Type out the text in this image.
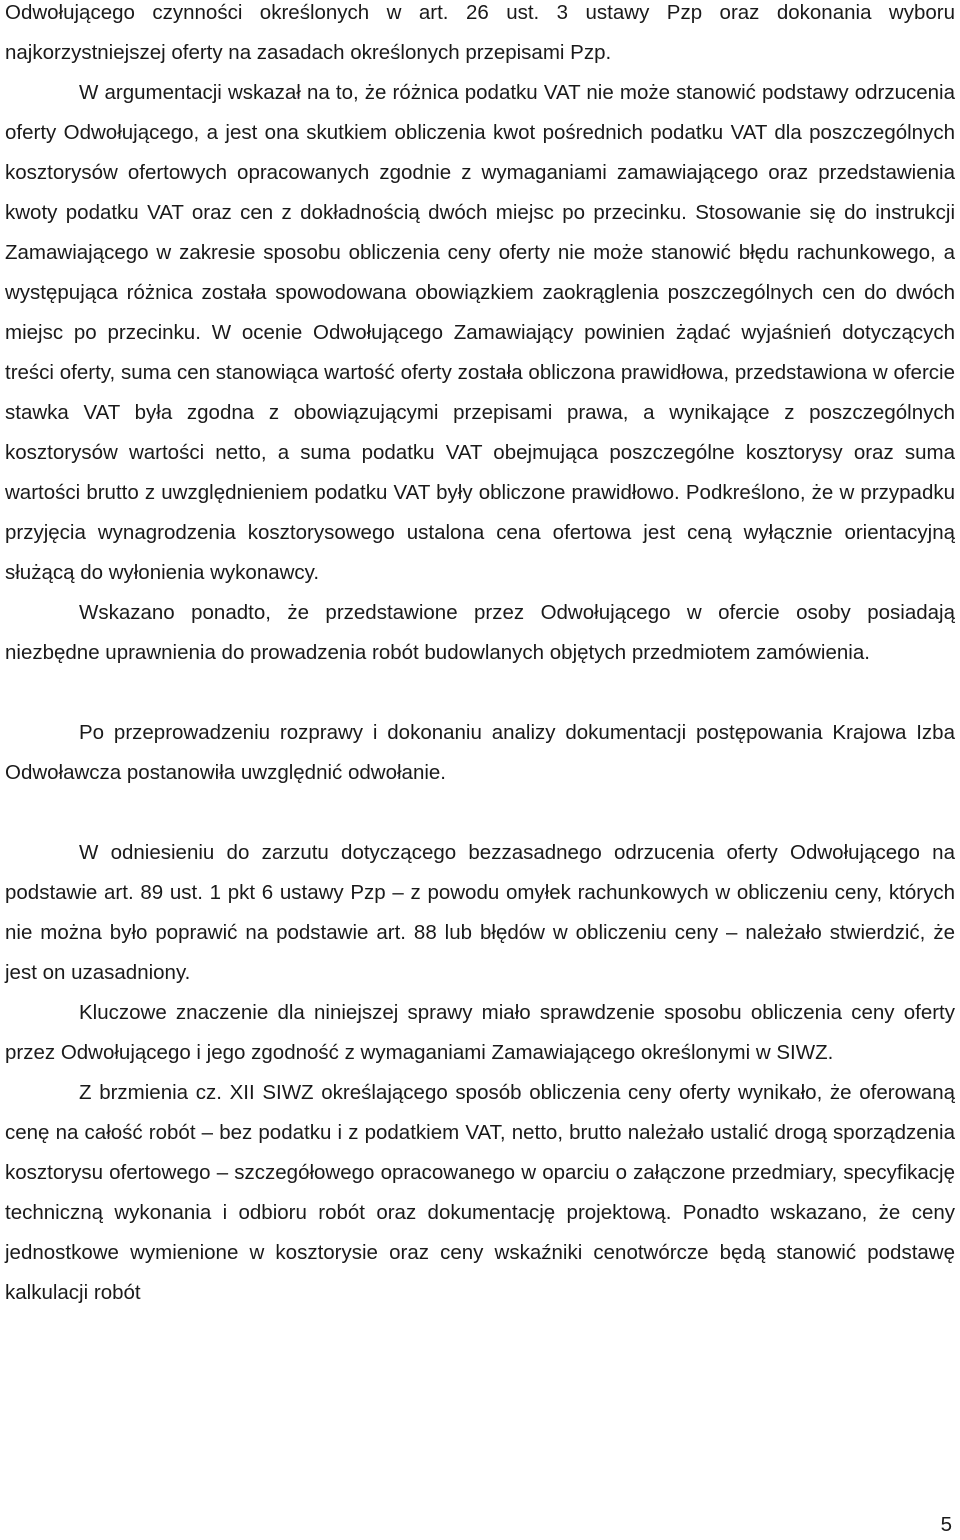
Odwołującego czynności określonych w art. 26 ust. 3 ustawy Pzp oraz dokonania wyboru najkorzystniejszej oferty na zasadach określonych przepisami Pzp.

W argumentacji wskazał na to, że różnica podatku VAT nie może stanowić podstawy odrzucenia oferty Odwołującego, a jest ona skutkiem obliczenia kwot pośrednich podatku VAT dla poszczególnych kosztorysów ofertowych opracowanych zgodnie z wymaganiami zamawiającego oraz przedstawienia kwoty podatku VAT oraz cen z dokładnością dwóch miejsc po przecinku. Stosowanie się do instrukcji Zamawiającego w zakresie sposobu obliczenia ceny oferty nie może stanowić błędu rachunkowego, a występująca różnica została spowodowana obowiązkiem zaokrąglenia poszczególnych cen do dwóch miejsc po przecinku. W ocenie Odwołującego Zamawiający powinien żądać wyjaśnień dotyczących treści oferty, suma cen stanowiąca wartość oferty została obliczona prawidłowa, przedstawiona w ofercie stawka VAT była zgodna z obowiązującymi przepisami prawa, a wynikające z poszczególnych kosztorysów wartości netto, a suma podatku VAT obejmująca poszczególne kosztorysy oraz suma wartości brutto z uwzględnieniem podatku VAT były obliczone prawidłowo. Podkreślono, że w przypadku przyjęcia wynagrodzenia kosztorysowego ustalona cena ofertowa jest ceną wyłącznie orientacyjną służącą do wyłonienia wykonawcy.

Wskazano ponadto, że przedstawione przez Odwołującego w ofercie osoby posiadają niezbędne uprawnienia do prowadzenia robót budowlanych objętych przedmiotem zamówienia.

Po przeprowadzeniu rozprawy i dokonaniu analizy dokumentacji postępowania Krajowa Izba Odwoławcza postanowiła uwzględnić odwołanie.

W odniesieniu do zarzutu dotyczącego bezzasadnego odrzucenia oferty Odwołującego na podstawie art. 89 ust. 1 pkt 6 ustawy Pzp – z powodu omyłek rachunkowych w obliczeniu ceny, których nie można było poprawić na podstawie art. 88 lub błędów w obliczeniu ceny – należało stwierdzić, że jest on uzasadniony.

Kluczowe znaczenie dla niniejszej sprawy miało sprawdzenie sposobu obliczenia ceny oferty przez Odwołującego i jego zgodność z wymaganiami Zamawiającego określonymi w SIWZ.

Z brzmienia cz. XII SIWZ określającego sposób obliczenia ceny oferty wynikało, że oferowaną cenę na całość robót – bez podatku i z podatkiem VAT, netto, brutto należało ustalić drogą sporządzenia kosztorysu ofertowego – szczegółowego opracowanego w oparciu o załączone przedmiary, specyfikację techniczną wykonania i odbioru robót oraz dokumentację projektową. Ponadto wskazano, że ceny jednostkowe wymienione w kosztorysie oraz ceny wskaźniki cenotwórcze będą stanowić podstawę kalkulacji robót

5
